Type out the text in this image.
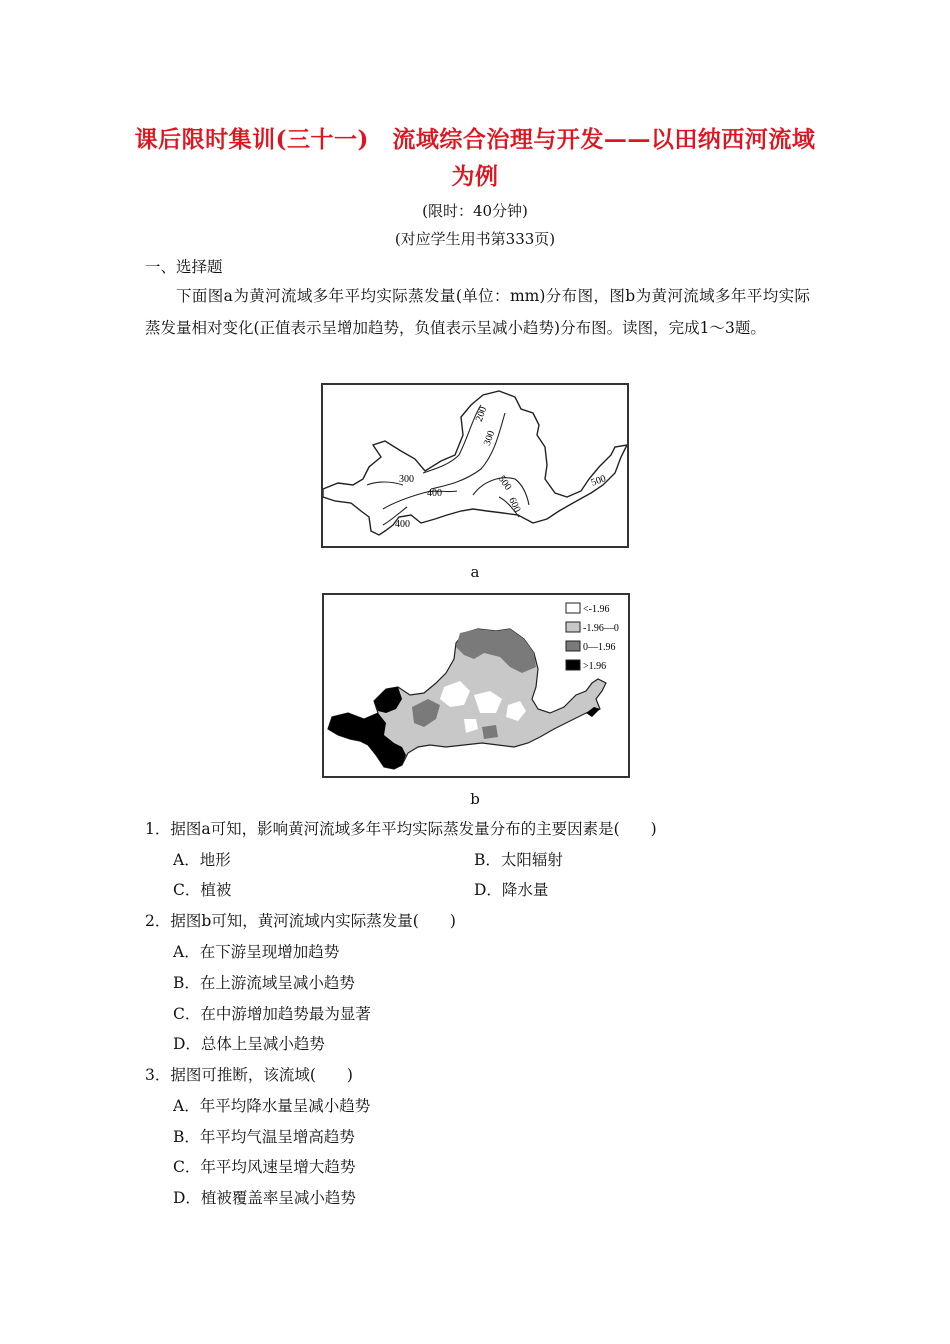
课后限时集训(三十一)　流域综合治理与开发——以田纳西河流域
为例
(限时：40分钟)
(对应学生用书第333页)
一、选择题
下面图a为黄河流域多年平均实际蒸发量(单位：mm)分布图，图b为黄河流域多年平均实际蒸发量相对变化(正值表示呈增加趋势，负值表示呈减小趋势)分布图。读图，完成1～3题。
200
300
300
400
400
500
600
500
a
<-1.96
-1.96—0
0—1.96
>1.96
b
1．据图a可知，影响黄河流域多年平均实际蒸发量分布的主要因素是(　　)
A．地形	B．太阳辐射
C．植被	D．降水量
2．据图b可知，黄河流域内实际蒸发量(　　)
A．在下游呈现增加趋势
B．在上游流域呈减小趋势
C．在中游增加趋势最为显著
D．总体上呈减小趋势
3．据图可推断，该流域(　　)
A．年平均降水量呈减小趋势
B．年平均气温呈增高趋势
C．年平均风速呈增大趋势
D．植被覆盖率呈减小趋势
